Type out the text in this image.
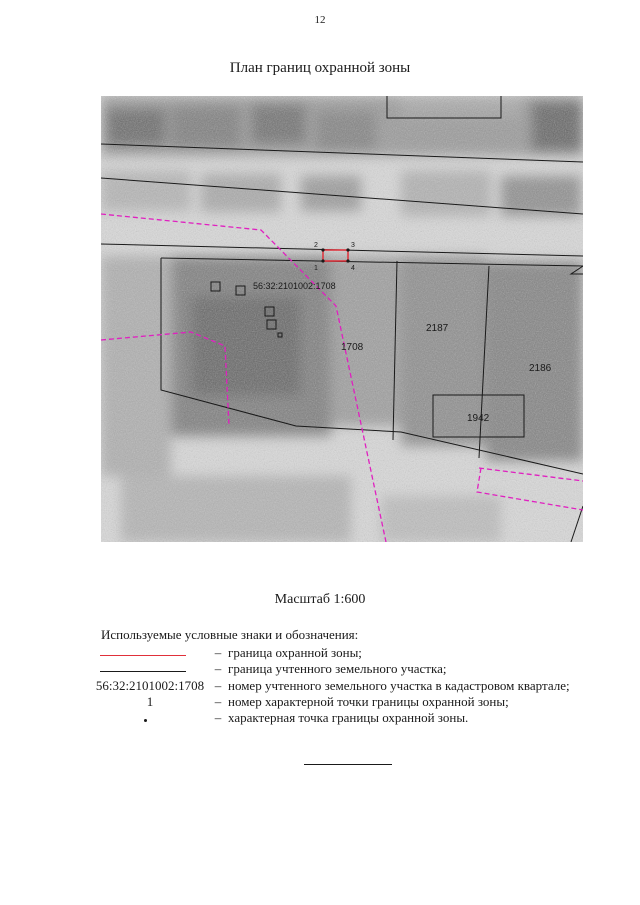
12
План границ охранной зоны
1
2	3
4
56:32:2101002:1708
1708
2187
2186
1942
Масштаб 1:600
Используемые условные знаки и обозначения:
– граница охранной зоны;
– граница учтенного земельного участка;
56:32:2101002:1708 – номер учтенного земельного участка в кадастровом квартале;
1	– номер характерной точки границы охранной зоны;
– характерная точка границы охранной зоны.
